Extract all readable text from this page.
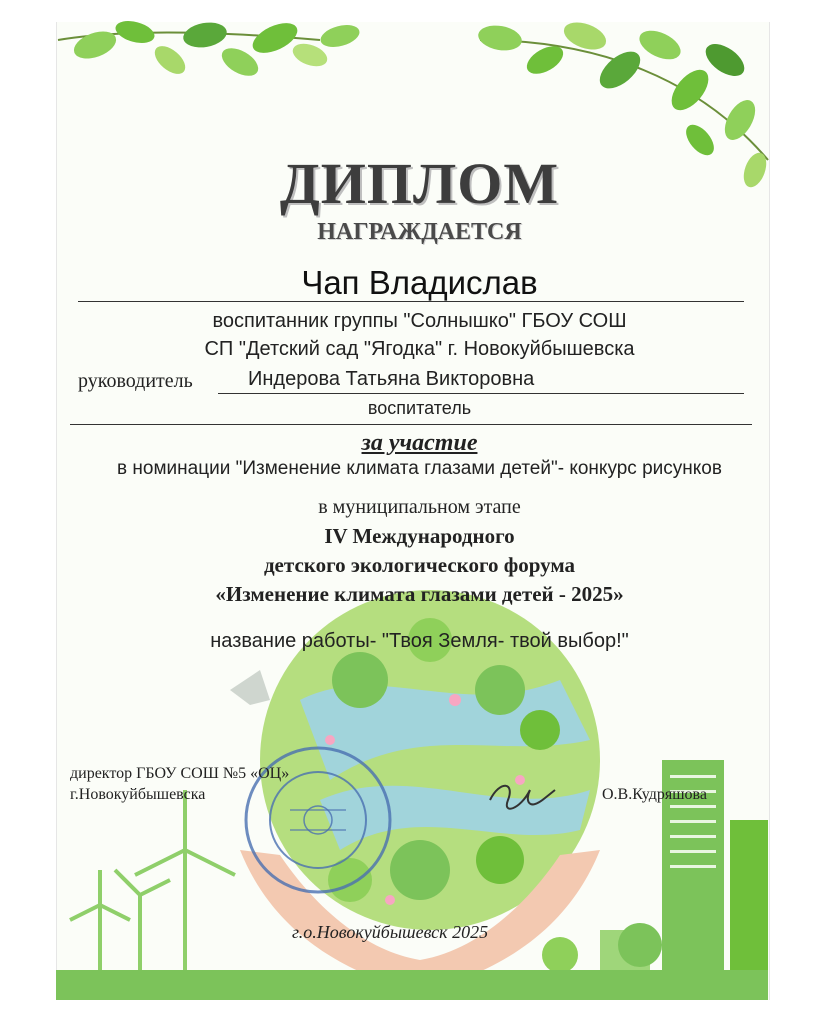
ДИПЛОМ
НАГРАЖДАЕТСЯ
Чап Владислав
воспитанник группы "Солнышко" ГБОУ СОШ
СП "Детский сад "Ягодка" г. Новокуйбышевска
руководитель	Индерова Татьяна Викторовна
воспитатель
за участие
в номинации "Изменение климата глазами детей"- конкурс рисунков
в муниципальном этапе
IV Международного
детского экологического форума
«Изменение климата глазами детей - 2025»
название работы- "Твоя Земля- твой выбор!"
директор ГБОУ СОШ №5 «ОЦ»
г.Новокуйбышевска	О.В.Кудряшова
г.о.Новокуйбышевск 2025
